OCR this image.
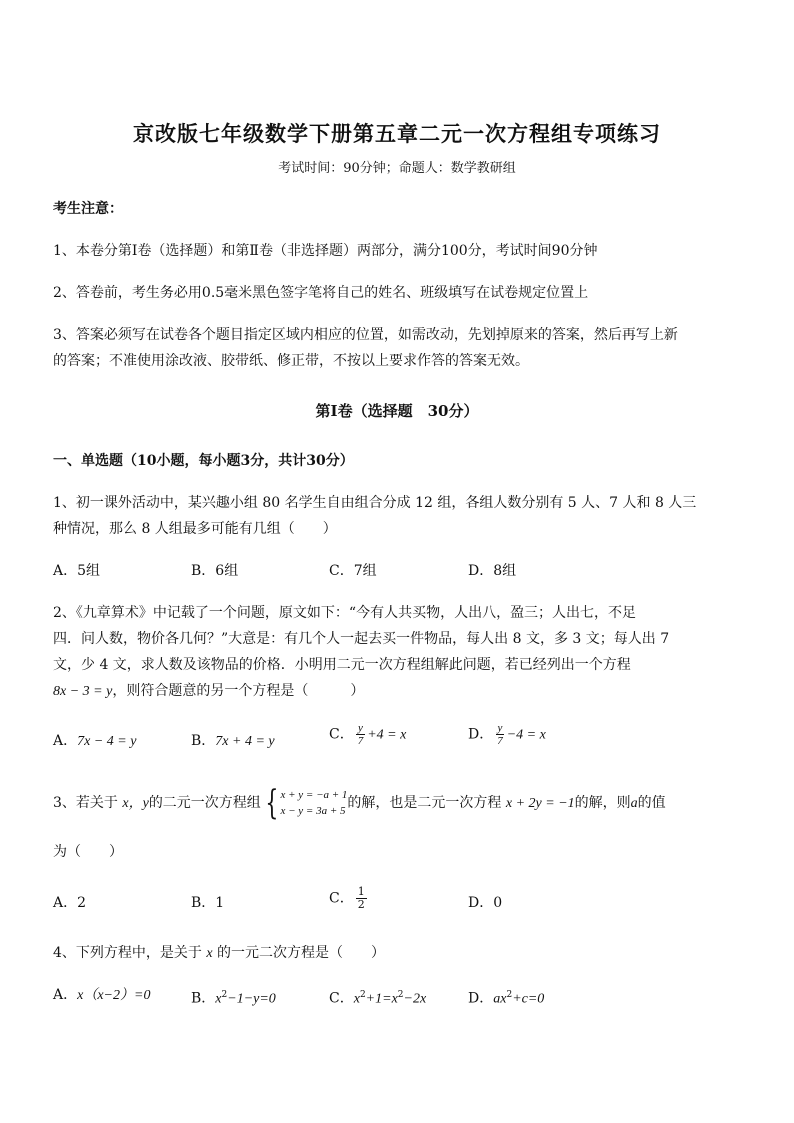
京改版七年级数学下册第五章二元一次方程组专项练习
考试时间：90分钟；命题人：数学教研组
考生注意：
1、本卷分第Ⅰ卷（选择题）和第Ⅱ卷（非选择题）两部分，满分100分，考试时间90分钟
2、答卷前，考生务必用0.5毫米黑色签字笔将自己的姓名、班级填写在试卷规定位置上
3、答案必须写在试卷各个题目指定区域内相应的位置，如需改动，先划掉原来的答案，然后再写上新
的答案；不准使用涂改液、胶带纸、修正带，不按以上要求作答的答案无效。
第Ⅰ卷（选择题　30分）
一、单选题（10小题，每小题3分，共计30分）
1、初一课外活动中，某兴趣小组 80 名学生自由组合分成 12 组，各组人数分别有 5 人、7 人和 8 人三
种情况，那么 8 人组最多可能有几组（　　）
A．5组	B．6组	C．7组	D．8组
2、《九章算术》中记载了一个问题，原文如下：“今有人共买物，人出八，盈三；人出七，不足
四．问人数，物价各几何？”大意是：有几个人一起去买一件物品，每人出 8 文，多 3 文；每人出 7
文，少 4 文，求人数及该物品的价格．小明用二元一次方程组解此问题，若已经列出一个方程
8x − 3 = y，则符合题意的另一个方程是（　　　）
A．7x − 4 = y	B．7x + 4 = y	C． $\frac{y}{7} +4 = x$	D． $\frac{y}{7} -4 = x$
3、若关于 x，y的二元一次方程组 { x + y = −a + 1
x − y = 3a + 5 的解，也是二元一次方程 x + 2y = −1的解，则a的值
为（　　）
A．2	B．1	C． $\frac{1}{2}$	D．0
4、下列方程中，是关于 x 的一元二次方程是（　　）
A．x（x−2）=0	B．$x^2-1-y=0$	C．$x^2+1=x^2-2x$	D．$ax^2+c=0$
